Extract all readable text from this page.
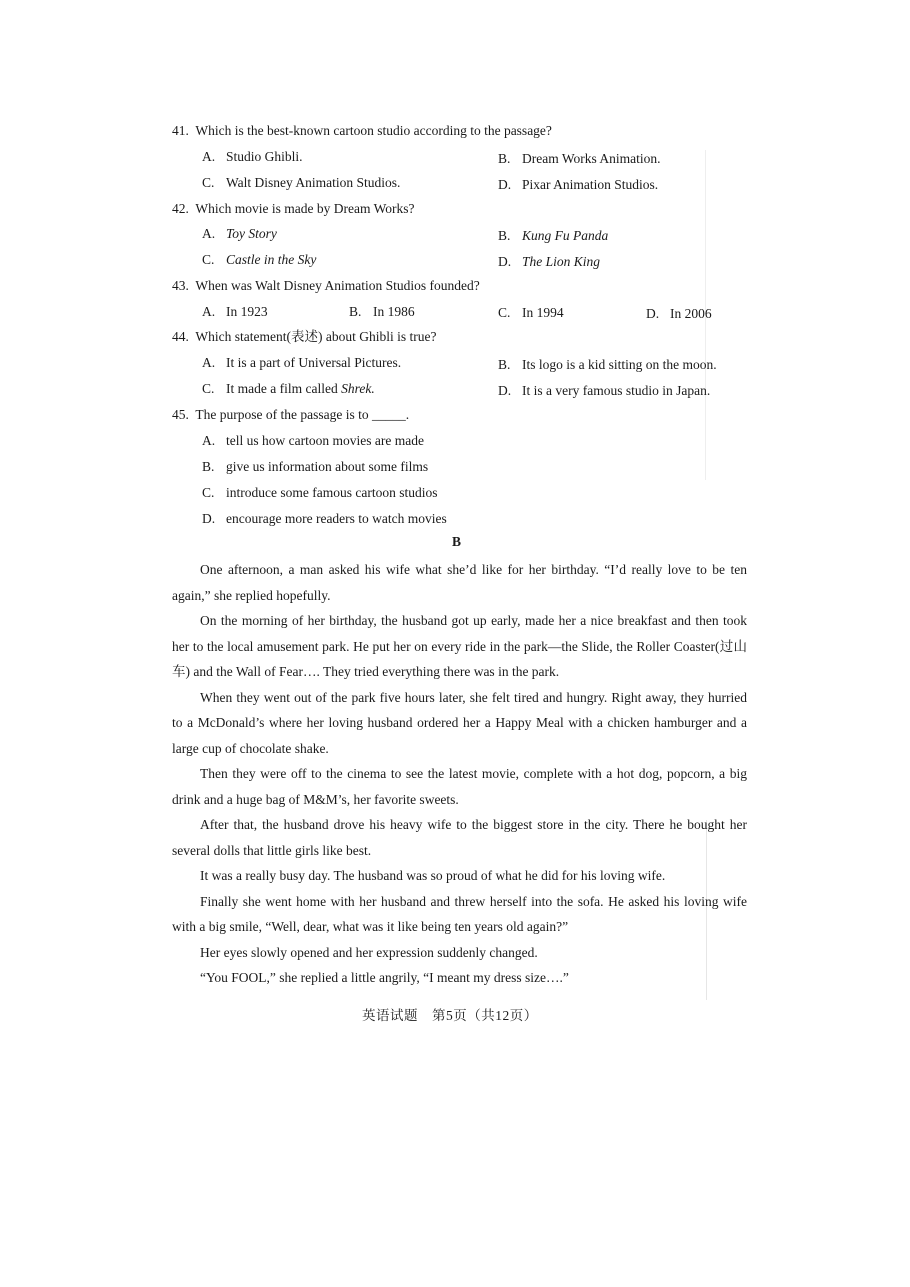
41. Which is the best-known cartoon studio according to the passage?
A. Studio Ghibli.	B. Dream Works Animation.
C. Walt Disney Animation Studios.	D. Pixar Animation Studios.
42. Which movie is made by Dream Works?
A. Toy Story	B. Kung Fu Panda
C. Castle in the Sky	D. The Lion King
43. When was Walt Disney Animation Studios founded?
A. In 1923	B. In 1986	C. In 1994	D. In 2006
44. Which statement(表述) about Ghibli is true?
A. It is a part of Universal Pictures.	B. Its logo is a kid sitting on the moon.
C. It made a film called Shrek.	D. It is a very famous studio in Japan.
45. The purpose of the passage is to _____.
A. tell us how cartoon movies are made
B. give us information about some films
C. introduce some famous cartoon studios
D. encourage more readers to watch movies
B

One afternoon, a man asked his wife what she’d like for her birthday. “I’d really love to be ten again,” she replied hopefully.

On the morning of her birthday, the husband got up early, made her a nice breakfast and then took her to the local amusement park. He put her on every ride in the park—the Slide, the Roller Coaster(过山车) and the Wall of Fear…. They tried everything there was in the park.

When they went out of the park five hours later, she felt tired and hungry. Right away, they hurried to a McDonald’s where her loving husband ordered her a Happy Meal with a chicken hamburger and a large cup of chocolate shake.

Then they were off to the cinema to see the latest movie, complete with a hot dog, popcorn, a big drink and a huge bag of M&M’s, her favorite sweets.

After that, the husband drove his heavy wife to the biggest store in the city. There he bought her several dolls that little girls like best.

It was a really busy day. The husband was so proud of what he did for his loving wife.

Finally she went home with her husband and threw herself into the sofa. He asked his loving wife with a big smile, “Well, dear, what was it like being ten years old again?”

Her eyes slowly opened and her expression suddenly changed.

“You FOOL,” she replied a little angrily, “I meant my dress size….”

英语试题　第5页（共12页）
